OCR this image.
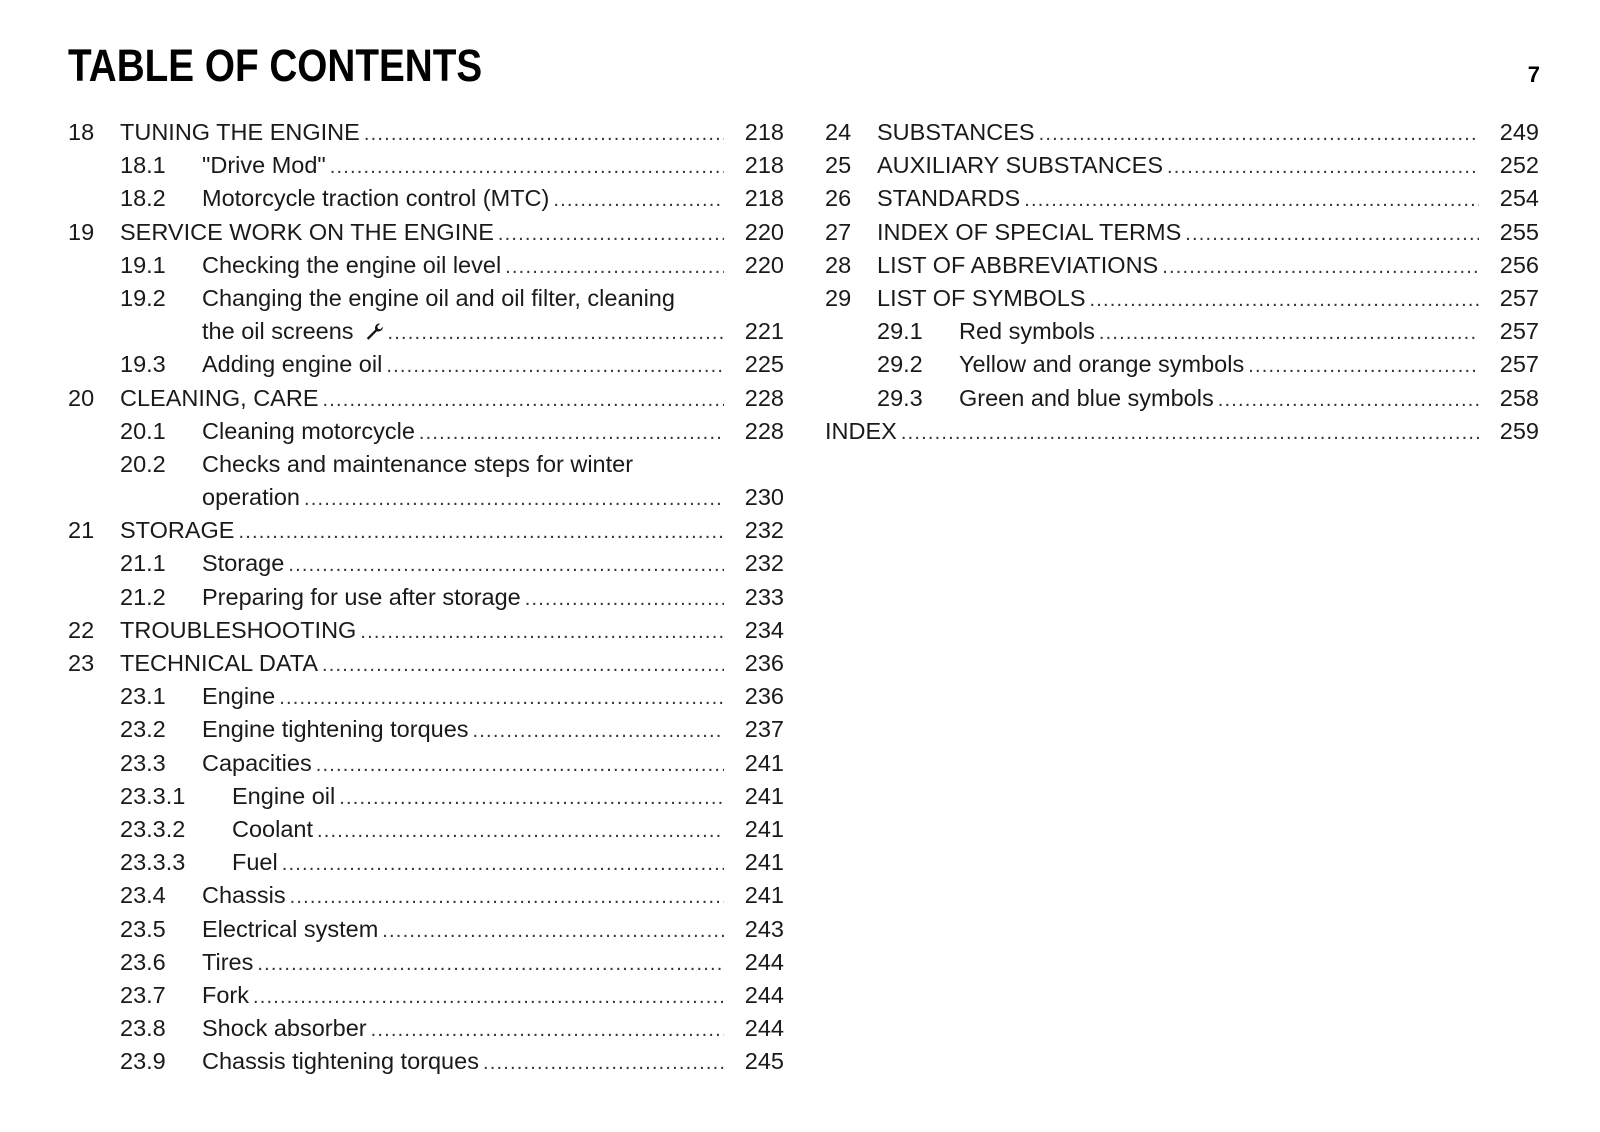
TABLE OF CONTENTS	7
18 TUNING THE ENGINE .....	218
18.1 "Drive Mod" .....	218
18.2 Motorcycle traction control (MTC) .....	218
19 SERVICE WORK ON THE ENGINE .....	220
19.1 Checking the engine oil level .....	220
19.2 Changing the engine oil and oil filter, cleaning
the oil screens .....	221
19.3 Adding engine oil .....	225
20 CLEANING, CARE .....	228
20.1 Cleaning motorcycle .....	228
20.2 Checks and maintenance steps for winter
operation .....	230
21 STORAGE .....	232
21.1 Storage .....	232
21.2 Preparing for use after storage .....	233
22 TROUBLESHOOTING .....	234
23 TECHNICAL DATA .....	236
23.1 Engine .....	236
23.2 Engine tightening torques .....	237
23.3 Capacities .....	241
23.3.1 Engine oil .....	241
23.3.2 Coolant .....	241
23.3.3 Fuel .....	241
23.4 Chassis .....	241
23.5 Electrical system .....	243
23.6 Tires .....	244
23.7 Fork .....	244
23.8 Shock absorber .....	244
23.9 Chassis tightening torques .....	245
24 SUBSTANCES .....	249
25 AUXILIARY SUBSTANCES .....	252
26 STANDARDS .....	254
27 INDEX OF SPECIAL TERMS .....	255
28 LIST OF ABBREVIATIONS .....	256
29 LIST OF SYMBOLS .....	257
29.1 Red symbols .....	257
29.2 Yellow and orange symbols .....	257
29.3 Green and blue symbols .....	258
INDEX .....	259
